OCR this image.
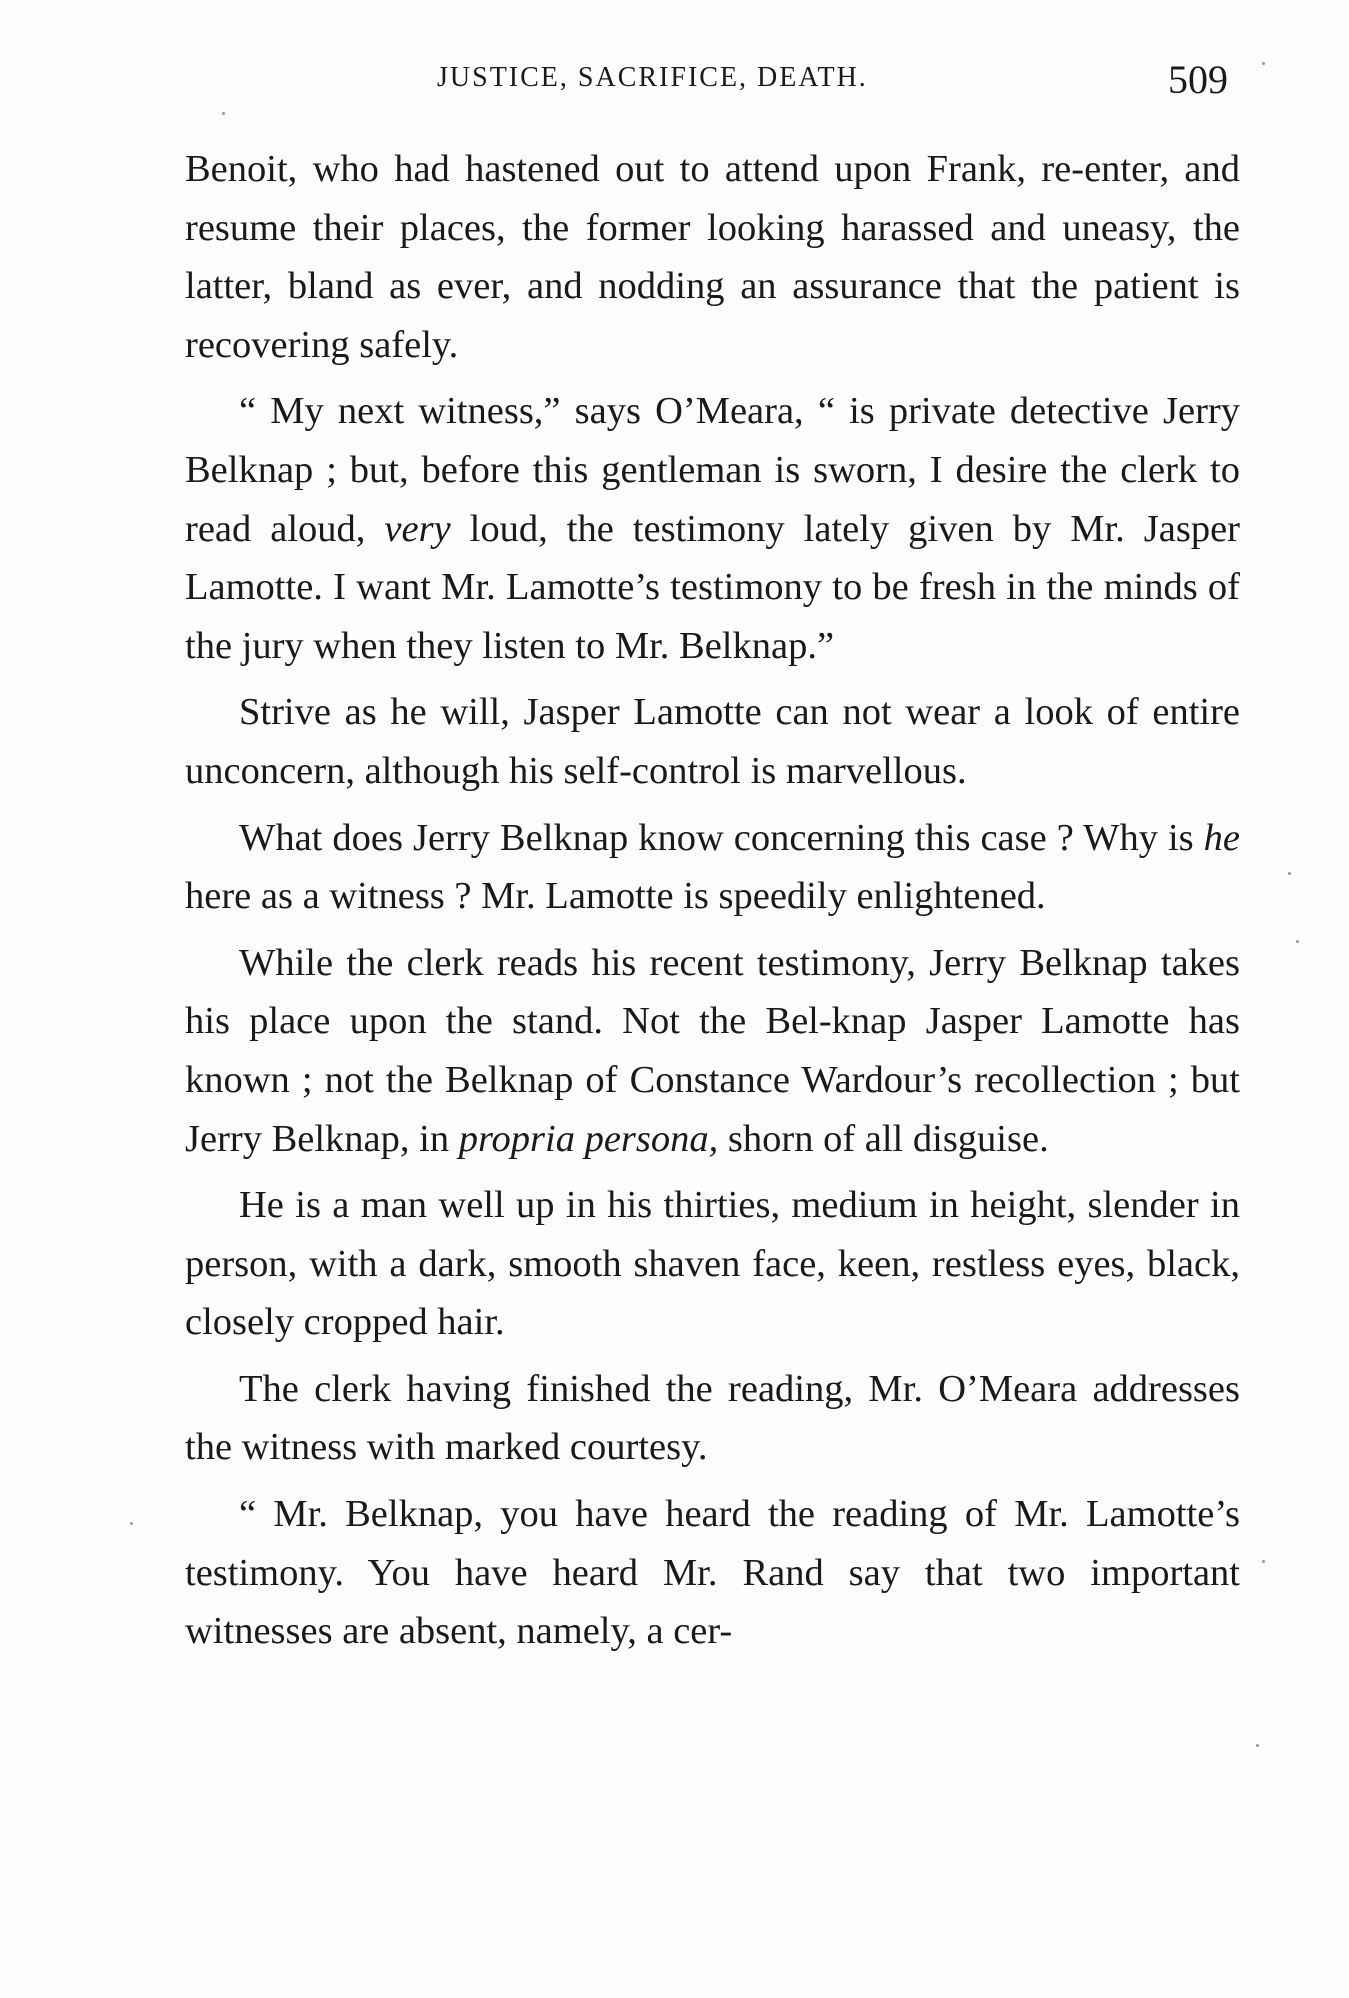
JUSTICE, SACRIFICE, DEATH.	509

Benoit, who had hastened out to attend upon Frank, re-enter, and resume their places, the former looking harassed and uneasy, the latter, bland as ever, and nodding an assurance that the patient is recovering safely.

“ My next witness,” says O’Meara, “ is private detective Jerry Belknap ; but, before this gentleman is sworn, I desire the clerk to read aloud, very loud, the testimony lately given by Mr. Jasper Lamotte. I want Mr. Lamotte’s testimony to be fresh in the minds of the jury when they listen to Mr. Belknap.”

Strive as he will, Jasper Lamotte can not wear a look of entire unconcern, although his self-control is marvellous.

What does Jerry Belknap know concerning this case ? Why is he here as a witness ? Mr. Lamotte is speedily enlightened.

While the clerk reads his recent testimony, Jerry Belknap takes his place upon the stand. Not the Bel-knap Jasper Lamotte has known ; not the Belknap of Constance Wardour’s recollection ; but Jerry Belknap, in propria persona, shorn of all disguise.

He is a man well up in his thirties, medium in height, slender in person, with a dark, smooth shaven face, keen, restless eyes, black, closely cropped hair.

The clerk having finished the reading, Mr. O’Meara addresses the witness with marked courtesy.

“ Mr. Belknap, you have heard the reading of Mr. Lamotte’s testimony. You have heard Mr. Rand say that two important witnesses are absent, namely, a cer-
